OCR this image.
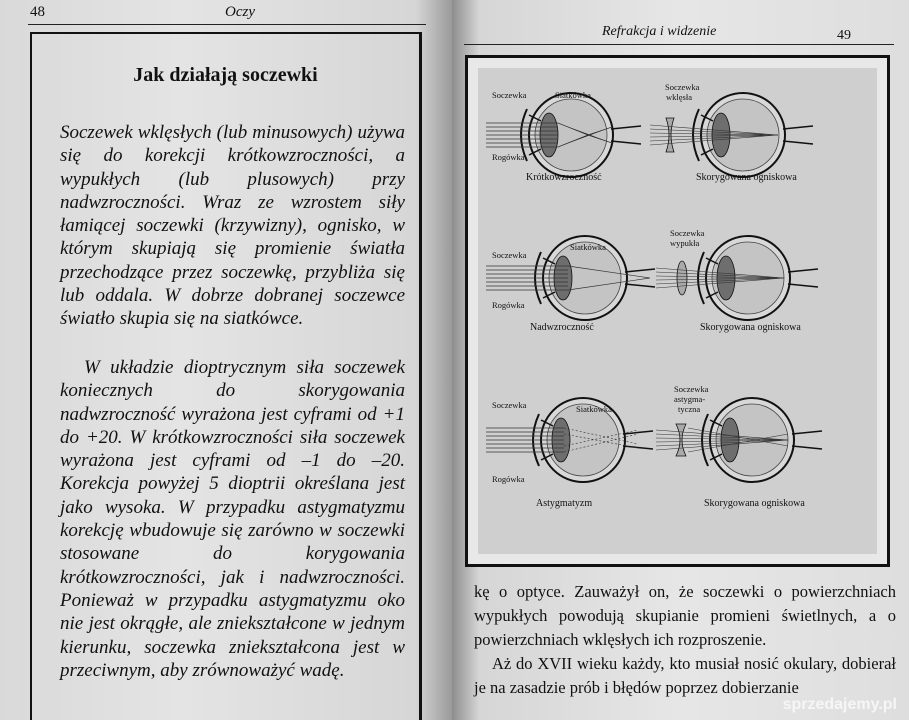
48	Oczy
Jak działają soczewki
Soczewek wklęsłych (lub minusowych) używa się do korekcji krótkowzroczności, a wypukłych (lub plusowych) przy nadwzroczności. Wraz ze wzrostem siły łamiącej soczewki (krzywizny), ognisko, w którym skupiają się promienie światła przechodzące przez soczewkę, przybliża się lub oddala. W dobrze dobranej soczewce światło skupia się na siatkówce.
W układzie dioptrycznym siła soczewek koniecznych do skorygowania nadwzroczność wyrażona jest cyframi od +1 do +20. W krótkowzroczności siła soczewek wyrażona jest cyframi od –1 do –20. Korekcja powyżej 5 dioptrii określana jest jako wysoka. W przypadku astygmatyzmu korekcję wbudowuje się zarówno w soczewki stosowane do korygowania krótkowzroczności, jak i nadwzroczności. Ponieważ w przypadku astygmatyzmu oko nie jest okrągłe, ale zniekształcone w jednym kierunku, soczewka zniekształcona jest w przeciwnym, aby zrównoważyć wadę.
Refrakcja i widzenie	49
Soczewka	Siatkówka
Rogówka
Krótkowzroczność
Soczewka
wklęsła
Skorygowana ogniskowa
Soczewka
Siatkówka
Rogówka
Nadwzroczność
Soczewka
wypukła
Skorygowana ogniskowa
Soczewka	Siatkówka
Rogówka
Astygmatyzm
Soczewka
astygma-
tyczna
Skorygowana ogniskowa
kę o optyce. Zauważył on, że soczewki o powierzchniach wypukłych powodują skupianie promieni świetlnych, a o powierzchniach wklęsłych ich rozproszenie.
Aż do XVII wieku każdy, kto musiał nosić okulary, dobierał je na zasadzie prób i błędów poprzez dobierzanie
sprzedajemy.pl
